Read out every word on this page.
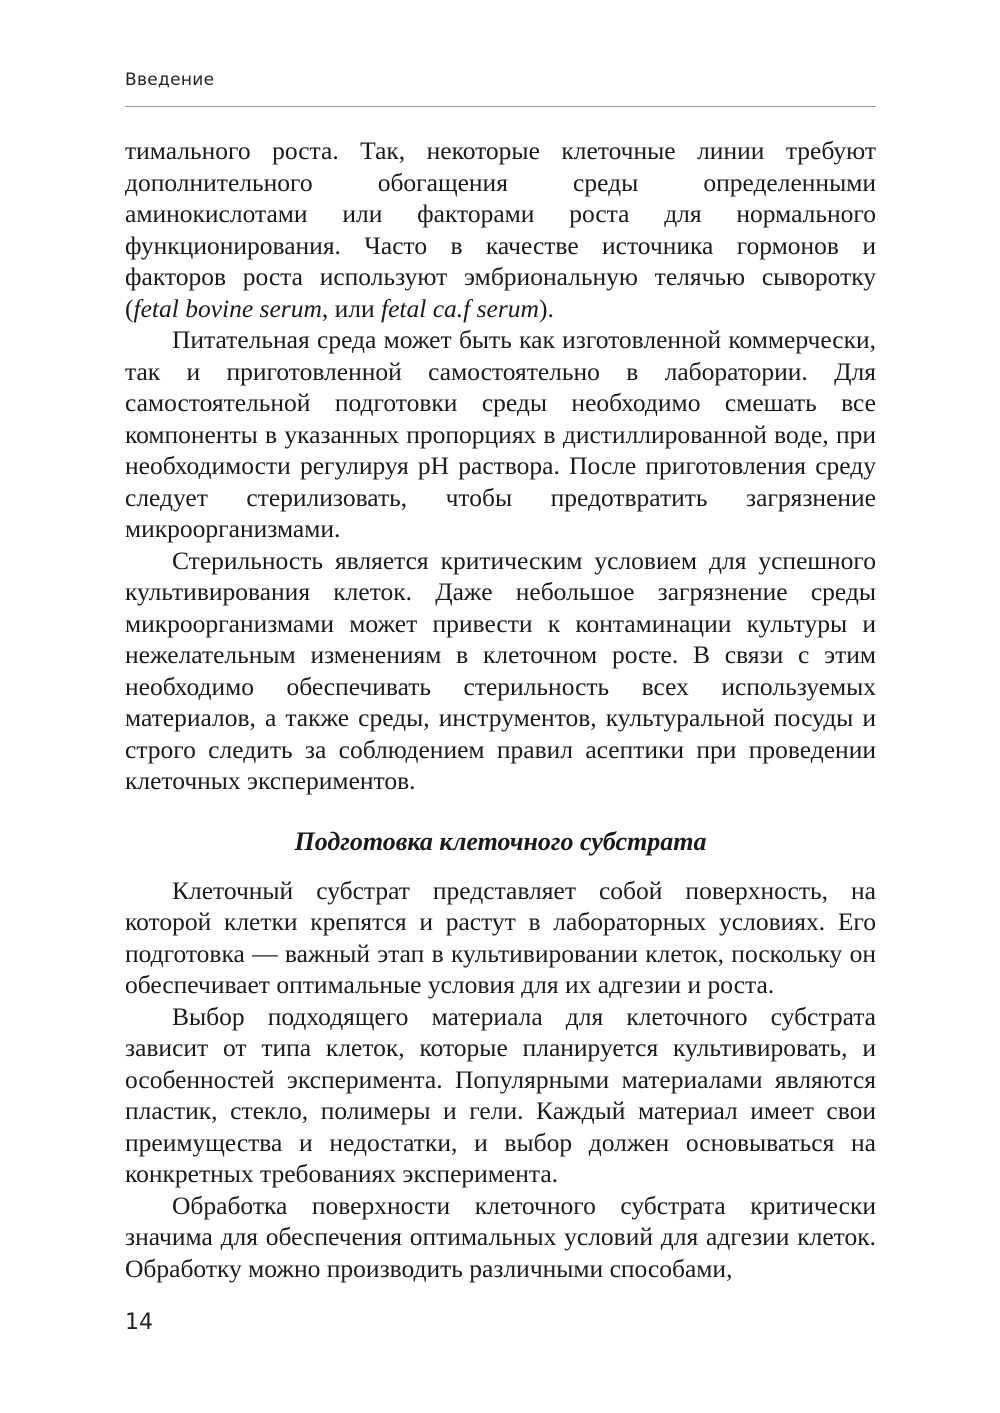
Введение

тимального роста. Так, некоторые клеточные линии требуют дополнительного обогащения среды определенными аминокислотами или факторами роста для нормального функционирования. Часто в качестве источника гормонов и факторов роста используют эмбриональную телячью сыворотку (fetal bovine serum, или fetal ca.f serum).

Питательная среда может быть как изготовленной коммерчески, так и приготовленной самостоятельно в лаборатории. Для самостоятельной подготовки среды необходимо смешать все компоненты в указанных пропорциях в дистиллированной воде, при необходимости регулируя pH раствора. После приготовления среду следует стерилизовать, чтобы предотвратить загрязнение микроорганизмами.

Стерильность является критическим условием для успешного культивирования клеток. Даже небольшое загрязнение среды микроорганизмами может привести к контаминации культуры и нежелательным изменениям в клеточном росте. В связи с этим необходимо обеспечивать стерильность всех используемых материалов, а также среды, инструментов, культуральной посуды и строго следить за соблюдением правил асептики при проведении клеточных экспериментов.

Подготовка клеточного субстрата

Клеточный субстрат представляет собой поверхность, на которой клетки крепятся и растут в лабораторных условиях. Его подготовка — важный этап в культивировании клеток, поскольку он обеспечивает оптимальные условия для их адгезии и роста.

Выбор подходящего материала для клеточного субстрата зависит от типа клеток, которые планируется культивировать, и особенностей эксперимента. Популярными материалами являются пластик, стекло, полимеры и гели. Каждый материал имеет свои преимущества и недостатки, и выбор должен основываться на конкретных требованиях эксперимента.

Обработка поверхности клеточного субстрата критически значима для обеспечения оптимальных условий для адгезии клеток. Обработку можно производить различными способами,

14
